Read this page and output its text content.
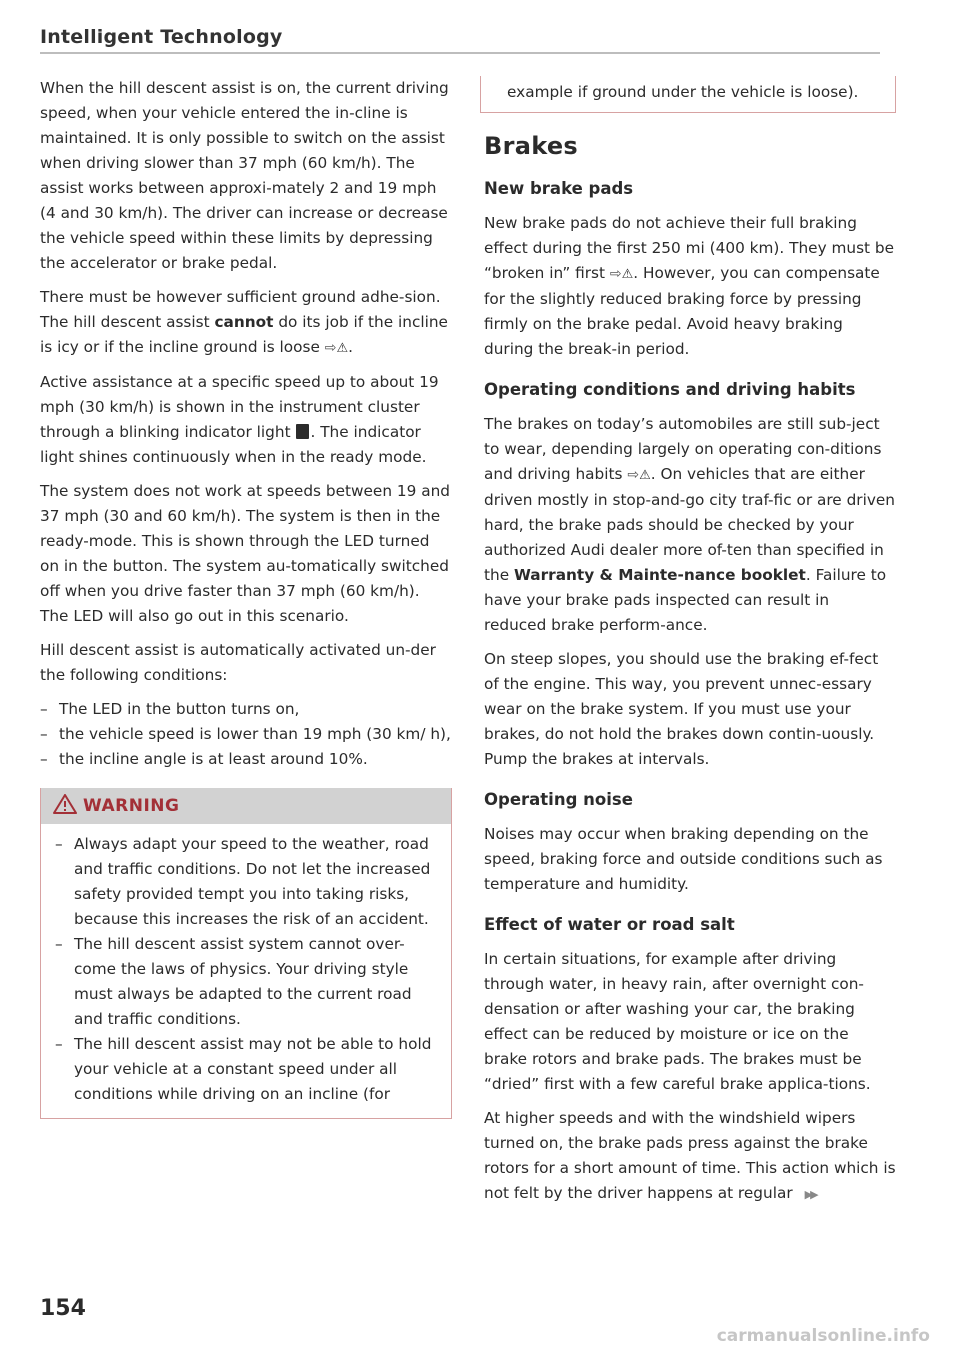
Intelligent Technology

When the hill descent assist is on, the current driving speed, when your vehicle entered the in-cline is maintained. It is only possible to switch on the assist when driving slower than 37 mph (60 km/h). The assist works between approxi-mately 2 and 19 mph (4 and 30 km/h). The driver can increase or decrease the vehicle speed within these limits by depressing the accelerator or brake pedal.

There must be however sufficient ground adhe-sion. The hill descent assist cannot do its job if the incline is icy or if the incline ground is loose ⇨⚠.

Active assistance at a specific speed up to about 19 mph (30 km/h) is shown in the instrument cluster through a blinking indicator light . The indicator light shines continuously when in the ready mode.

The system does not work at speeds between 19 and 37 mph (30 and 60 km/h). The system is then in the ready-mode. This is shown through the LED turned on in the button. The system au-tomatically switched off when you drive faster than 37 mph (60 km/h). The LED will also go out in this scenario.

Hill descent assist is automatically activated un-der the following conditions:

– The LED in the button turns on,
– the vehicle speed is lower than 19 mph (30 km/ h),
– the incline angle is at least around 10%.
WARNING
– Always adapt your speed to the weather, road and traffic conditions. Do not let the increased safety provided tempt you into taking risks, because this increases the risk of an accident.
– The hill descent assist system cannot over-come the laws of physics. Your driving style must always be adapted to the current road and traffic conditions.
– The hill descent assist may not be able to hold your vehicle at a constant speed under all conditions while driving on an incline (for

example if ground under the vehicle is loose).

Brakes
New brake pads

New brake pads do not achieve their full braking effect during the first 250 mi (400 km). They must be “broken in” first ⇨⚠. However, you can compensate for the slightly reduced braking force by pressing firmly on the brake pedal. Avoid heavy braking during the break-in period.

Operating conditions and driving habits

The brakes on today’s automobiles are still sub-ject to wear, depending largely on operating con-ditions and driving habits ⇨⚠. On vehicles that are either driven mostly in stop-and-go city traf-fic or are driven hard, the brake pads should be checked by your authorized Audi dealer more of-ten than specified in the Warranty & Mainte-nance booklet. Failure to have your brake pads inspected can result in reduced brake perform-ance.

On steep slopes, you should use the braking ef-fect of the engine. This way, you prevent unnec-essary wear on the brake system. If you must use your brakes, do not hold the brakes down contin-uously. Pump the brakes at intervals.

Operating noise

Noises may occur when braking depending on the speed, braking force and outside conditions such as temperature and humidity.

Effect of water or road salt

In certain situations, for example after driving through water, in heavy rain, after overnight con-densation or after washing your car, the braking effect can be reduced by moisture or ice on the brake rotors and brake pads. The brakes must be “dried” first with a few careful brake applica-tions.

At higher speeds and with the windshield wipers turned on, the brake pads press against the brake rotors for a short amount of time. This action which is not felt by the driver happens at regular ▶▶

154
carmanualsonline.info
